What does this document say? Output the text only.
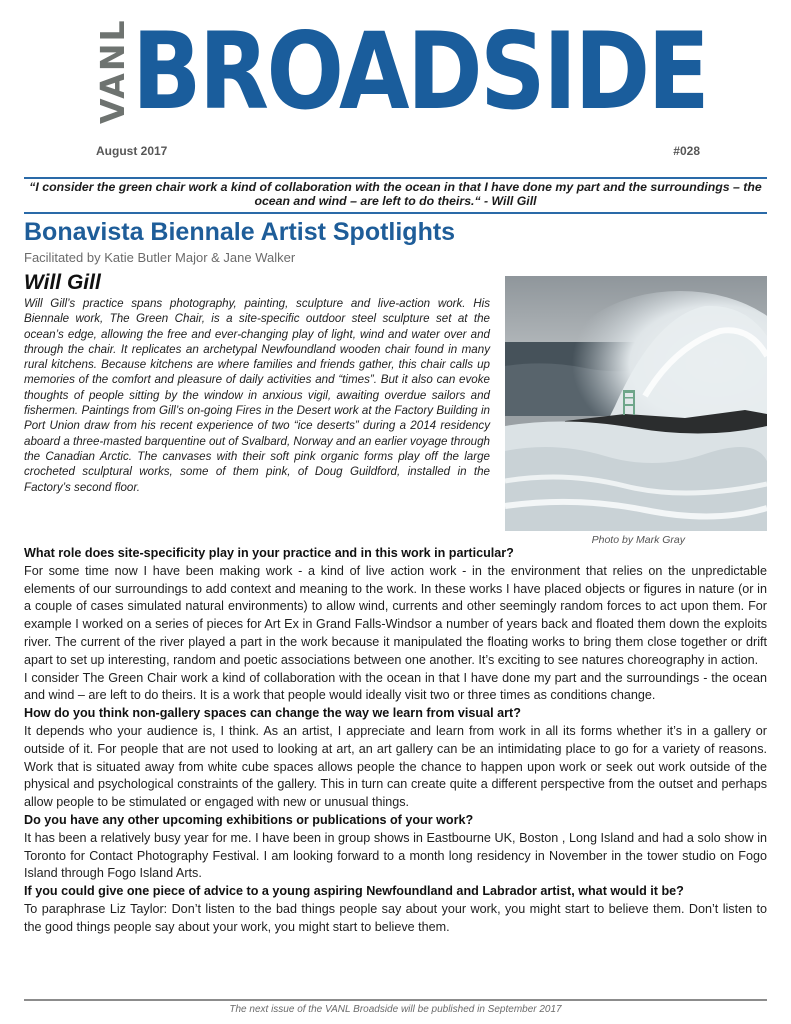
VANL BROADSIDE
August 2017	#028
“I consider the green chair work a kind of collaboration with the ocean in that I have done my part and the surroundings – the ocean and wind – are left to do theirs.“ - Will Gill
Bonavista Biennale Artist Spotlights
Facilitated by Katie Butler Major & Jane Walker
Will Gill

Will Gill’s practice spans photography, painting, sculpture and live-action work. His Biennale work, The Green Chair, is a site-specific outdoor steel sculpture set at the ocean’s edge, allowing the free and ever-changing play of light, wind and water over and through the chair. It replicates an archetypal Newfoundland wooden chair found in many rural kitchens. Because kitchens are where families and friends gather, this chair calls up memories of the comfort and pleasure of daily activities and “times”. But it also can evoke thoughts of people sitting by the window in anxious vigil, awaiting overdue sailors and fishermen. Paintings from Gill’s on-going Fires in the Desert work at the Factory Building in Port Union draw from his recent experience of two “ice deserts” during a 2014 residency aboard a three-masted barquentine out of Svalbard, Norway and an earlier voyage through the Canadian Arctic. The canvases with their soft pink organic forms play off the large crocheted sculptural works, some of them pink, of Doug Guildford, installed in the Factory’s second floor.

Photo by Mark Gray

What role does site-specificity play in your practice and in this work in particular?

For some time now I have been making work - a kind of live action work - in the environment that relies on the unpredictable elements of our surroundings to add context and meaning to the work. In these works I have placed objects or figures in nature (or in a couple of cases simulated natural environments) to allow wind, currents and other seemingly random forces to act upon them. For example I worked on a series of pieces for Art Ex in Grand Falls-Windsor a number of years back and floated them down the exploits river. The current of the river played a part in the work because it manipulated the floating works to bring them close together or drift apart to set up interesting, random and poetic associations between one another. It’s exciting to see natures choreography in action.

I consider The Green Chair work a kind of collaboration with the ocean in that I have done my part and the surroundings - the ocean and wind – are left to do theirs. It is a work that people would ideally visit two or three times as conditions change.

How do you think non-gallery spaces can change the way we learn from visual art?

It depends who your audience is, I think. As an artist, I appreciate and learn from work in all its forms whether it’s in a gallery or outside of it. For people that are not used to looking at art, an art gallery can be an intimidating place to go for a variety of reasons. Work that is situated away from white cube spaces allows people the chance to happen upon work or seek out work outside of the physical and psychological constraints of the gallery. This in turn can create quite a different perspective from the outset and perhaps allow people to be stimulated or engaged with new or unusual things.

Do you have any other upcoming exhibitions or publications of your work?

It has been a relatively busy year for me. I have been in group shows in Eastbourne UK, Boston , Long Island and had a solo show in Toronto for Contact Photography Festival. I am looking forward to a month long residency in November in the tower studio on Fogo Island through Fogo Island Arts.

If you could give one piece of advice to a young aspiring Newfoundland and Labrador artist, what would it be?

To paraphrase Liz Taylor: Don’t listen to the bad things people say about your work, you might start to believe them. Don’t listen to the good things people say about your work, you might start to believe them.

The next issue of the VANL Broadside will be published in September 2017
